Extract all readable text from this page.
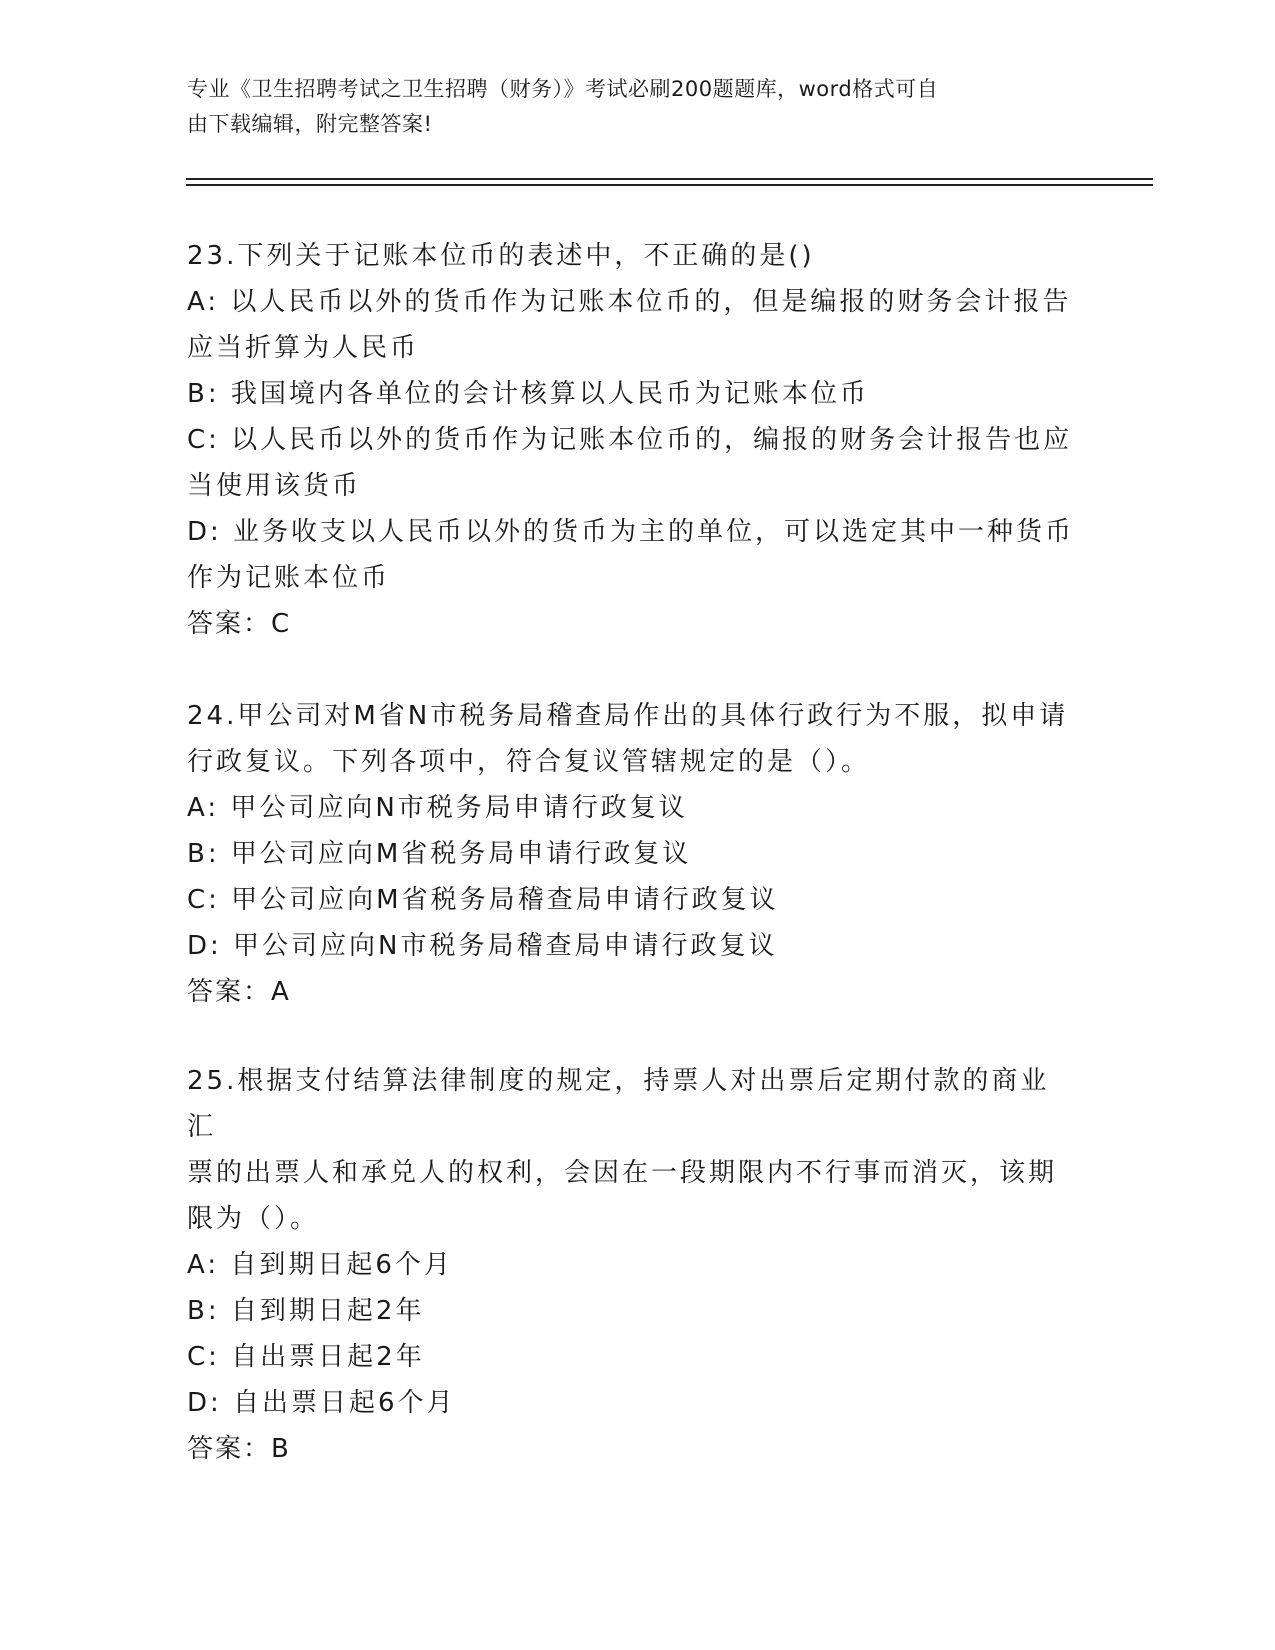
专业《卫生招聘考试之卫生招聘（财务）》考试必刷200题题库，word格式可自
由下载编辑，附完整答案!
23.下列关于记账本位币的表述中，不正确的是()
A: 以人民币以外的货币作为记账本位币的，但是编报的财务会计报告
应当折算为人民币
B: 我国境内各单位的会计核算以人民币为记账本位币
C: 以人民币以外的货币作为记账本位币的，编报的财务会计报告也应
当使用该货币
D: 业务收支以人民币以外的货币为主的单位，可以选定其中一种货币
作为记账本位币
答案：C
24.甲公司对M省N市税务局稽查局作出的具体行政行为不服，拟申请
行政复议。下列各项中，符合复议管辖规定的是（）。
A: 甲公司应向N市税务局申请行政复议
B: 甲公司应向M省税务局申请行政复议
C: 甲公司应向M省税务局稽查局申请行政复议
D: 甲公司应向N市税务局稽查局申请行政复议
答案：A
25.根据支付结算法律制度的规定，持票人对出票后定期付款的商业汇
票的出票人和承兑人的权利，会因在一段期限内不行事而消灭，该期
限为（）。
A: 自到期日起6个月
B: 自到期日起2年
C: 自出票日起2年
D: 自出票日起6个月
答案：B
